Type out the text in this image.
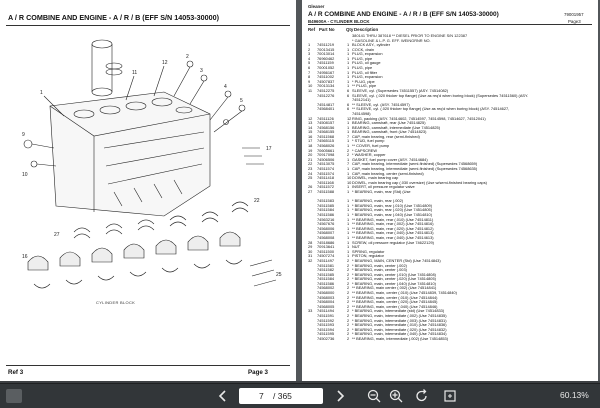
A / R COMBINE AND ENGINE - A / R / B (EFF S/N 14053-30000)
1
11
12
2
3
4
5
17
9
10
27
22
16
25
CYLINDER BLOCK
Ref 3	Page 3
Gleaner
A / R COMBINE AND ENGINE - A / R / B (EFF S/N 14053-30000)	79001957
Page3
B49600A - CYLINDER BLOCK
Ref Part No	Qty Description
380141 THRU 387618 ** DIESEL PRIOR TO ENGINE S/N 122387
* GASOLINE & L.P. G. EFF. WEINGRNR NO.
1	74511219	1 BLOCK ASY., cylinder
2	70013415	1 COCK, drain
3	70013014	1 PLUG, expansion
4	76960462	1 PLUG, pipe
5	74511159	1 PLUG, oil gauge
6	70001052	1 PLUG, pipe
7	74956167	1 PLUG, oil filter
8	74511002	1 PLUG, expansion
9	74507837	1 * PLUG, pipe
10	70013134	1 ** PLUG, pipe
11	74512275	6 SLEEVE, cyl. (Supersedes 74511557) (ASY. 74514082)
74512276	6 SLEEVE, cyl. (.020 thicker top flange) (Use as req'd when boring block) (Supersedes 74511560) (ASY.
74512141)
74514817	6 ** SLEEVE, cyl. (ASY. 74514597)
74568401	6 ** SLEEVE, cyl. (.020 thicker top flange) (Use as req'd when boring block) (ASY. 74514627,
74514598)
12	74511126	12 RING, packing (ASY. 74514602, 74514597, 74514598, 74514627, 74512041)
13	74508157	1 BEARING, camshaft, rear (Use 74514825)
14	74568156	1 BEARING, camshaft, intermediate (Use 74514825)
15	74568155	1 BEARING, camshaft, front (Use 74514823)
16	74511568	7 CAP, main bearing, rear (semi-finished)
17	74565115	1 * STUD, fuel pump
18	74568026	1 ** COVER, fuel pump
19	70605661	2 * CAPSCREW
20	70917098	2 * WASHER, copper
21	74506506	1 GASKET, fuel pump cover (ASY. 74514684)
22	74513075	7 CAP, main bearing, intermediate (semi-finished) (Supersedes 74568659)
23	74511574	1 CAP, main bearing, intermediate (semi-finished) (Supersedes 74568635)
24	74511574	1 CAP, main bearing, center (semi-finished)
25	74511418	10 DOWEL, main bearing cap
74511168	10 DOWEL, main bearing cap (.030 oversize) (Use w/semi-finished bearing caps)
26	74511572	1 INSERT, oil pressure regulator valve
27	74511588	1 * BEARING, main, rear (Std) (Use
74511583	1 * BEARING, main, rear (.002)
74511585	1 * BEARING, main, rear (.010) (Use 74514809)
74511584	1 * BEARING, main, rear (.020) (Use 74514805)
74511586	1 * BEARING, main, rear (.040) (Use 74514810)
74563216	1 ** BEARING, main, rear (.010) (Use 74514811)
74567676	1 ** BEARING, main, rear (.002) (Use 74514816)
74568006	1 ** BEARING, main, rear (.020) (Use 74514812)
74568007	1 ** BEARING, main, rear (.040) (Use 74514813)
74568008	1 ** BEARING, main, rear (.040) (Use 74514613)
28	74518686	1 SCREW, oil pressure regulator (Use 74622129)
29	70913641	1 NUT
30	74511500	1 SPRING, regulator
31	74507274	1 PISTON, regulator
32	74511497	2 * BEARING, MAIN, CENTER (Std) (Use 74514843)
74511581	2 * BEARING, main, center (.002)
74511582	2 * BEARING, main, center (.003)
74511585	2 * BEARING, main, center (.010) (Use 74514808)
74511584	2 * BEARING, main, center (.020) (Use 74514805)
74511586	2 * BEARING, main, center (.040) (Use 74514810)
74568002	2 ** BEARING, main center (.002) (Use 74514841)
74568000	2 ** BEARING, main, center (.010) (Use 74514839, 74514840)
74568003	2 ** BEARING, main, center (.010) (Use 74514844)
74568004	2 ** BEARING, main, center (.020) (Use 74514845)
74568005	2 ** BEARING, main, center (.040) (Use 74514846)
33	74511494	2 * BEARING, main, intermediate (std) (Use 74514833)
74511591	2 * BEARING, main, intermediate (.002) (Use 74514835)
74511592	2 * BEARING, main, intermediate (.003) (Use 74514831)
74511593	2 * BEARING, main, intermediate (.010) (Use 74514836)
74511594	2 * BEARING, main, intermediate (.020) (Use 74514832)
74511595	2 * BEARING, main, intermediate (.040) (Use 74514834)
74502736	2 ** BEARING, main, intermediate (.002) (Use 74514853)
7 / 365	60.13%
